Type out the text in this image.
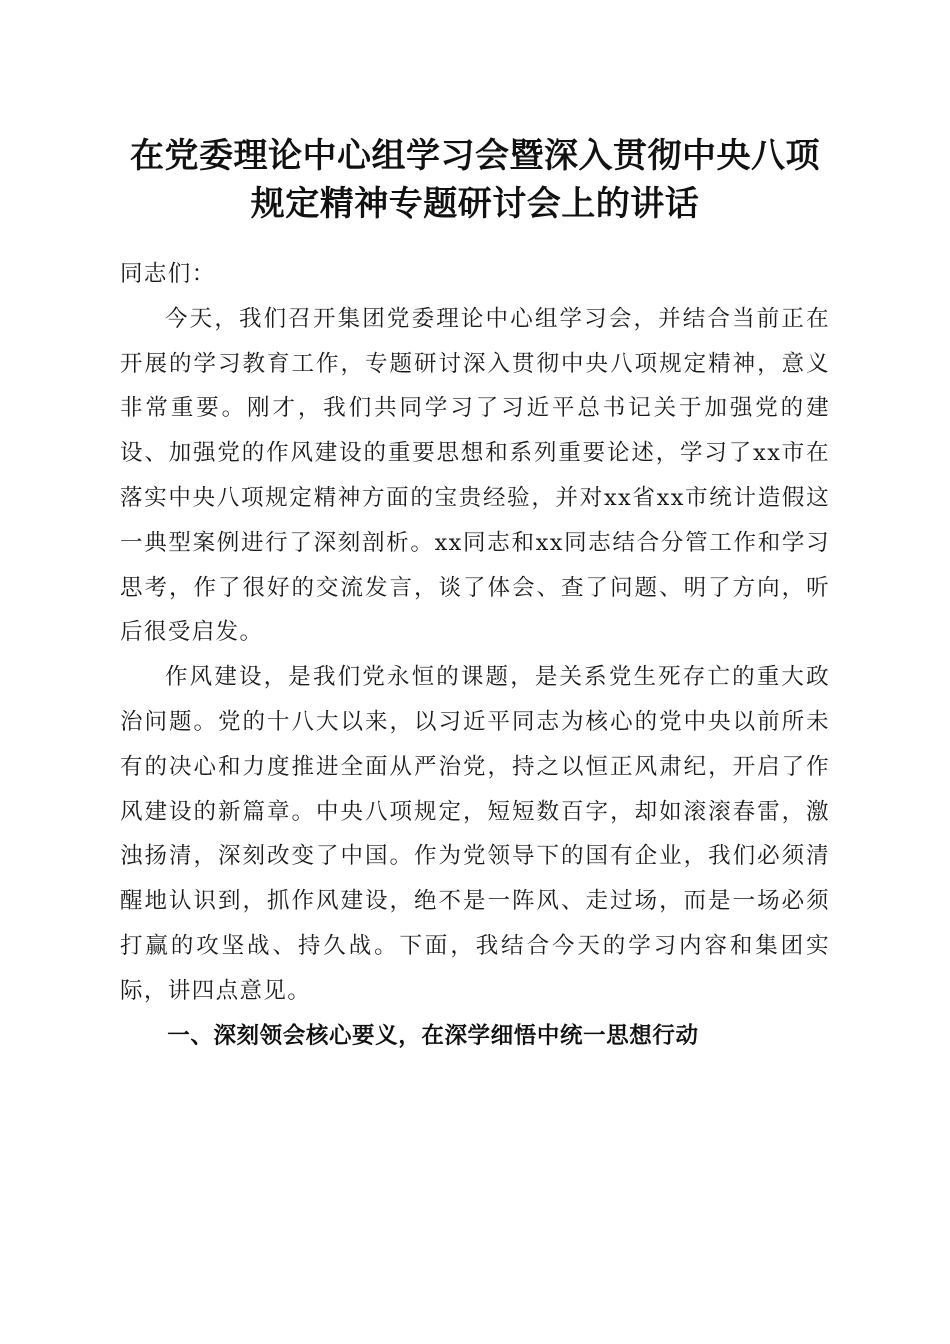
在党委理论中心组学习会暨深入贯彻中央八项
规定精神专题研讨会上的讲话

同志们：

今天，我们召开集团党委理论中心组学习会，并结合当前正在开展的学习教育工作，专题研讨深入贯彻中央八项规定精神，意义非常重要。刚才，我们共同学习了习近平总书记关于加强党的建设、加强党的作风建设的重要思想和系列重要论述，学习了xx市在落实中央八项规定精神方面的宝贵经验，并对xx省xx市统计造假这一典型案例进行了深刻剖析。xx同志和xx同志结合分管工作和学习思考，作了很好的交流发言，谈了体会、查了问题、明了方向，听后很受启发。

作风建设，是我们党永恒的课题，是关系党生死存亡的重大政治问题。党的十八大以来，以习近平同志为核心的党中央以前所未有的决心和力度推进全面从严治党，持之以恒正风肃纪，开启了作风建设的新篇章。中央八项规定，短短数百字，却如滚滚春雷，激浊扬清，深刻改变了中国。作为党领导下的国有企业，我们必须清醒地认识到，抓作风建设，绝不是一阵风、走过场，而是一场必须打赢的攻坚战、持久战。下面，我结合今天的学习内容和集团实际，讲四点意见。

一、深刻领会核心要义，在深学细悟中统一思想行动
